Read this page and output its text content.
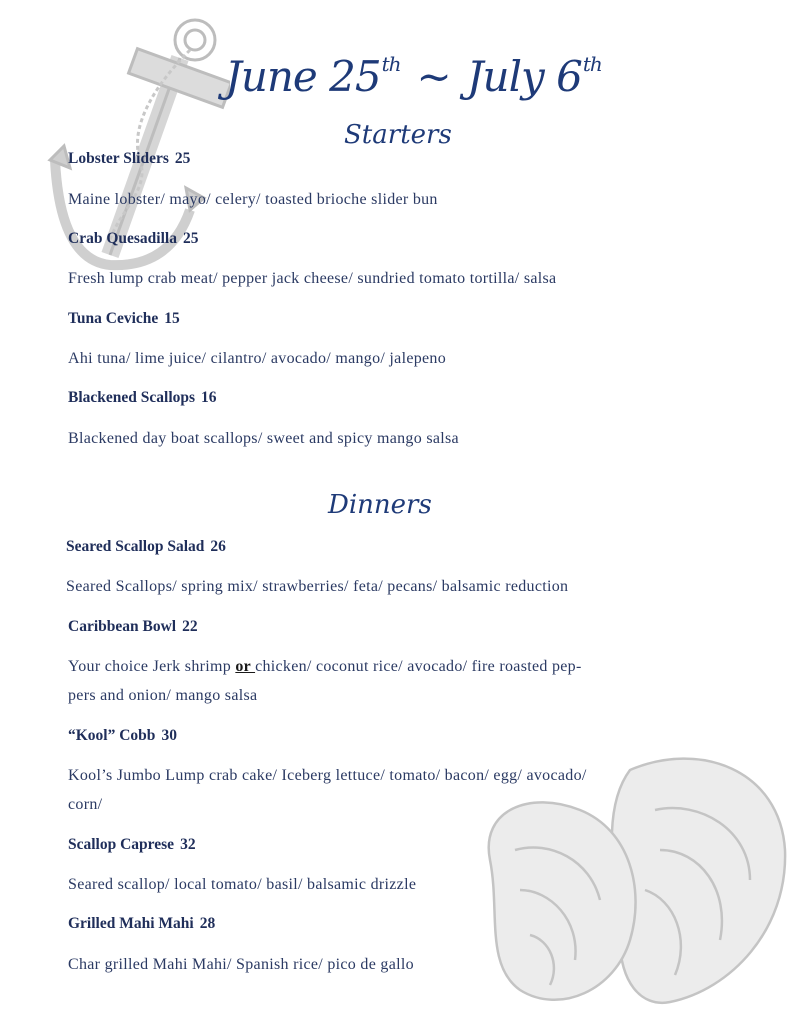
June 25th ~ July 6th
Starters
Lobster Sliders 25
Maine lobster/ mayo/ celery/ toasted brioche slider bun
Crab Quesadilla 25
Fresh lump crab meat/ pepper jack cheese/ sundried tomato tortilla/ salsa
Tuna Ceviche 15
Ahi tuna/ lime juice/ cilantro/ avocado/ mango/ jalepeno
Blackened Scallops 16
Blackened day boat scallops/ sweet and spicy mango salsa
Dinners
Seared Scallop Salad 26
Seared Scallops/ spring mix/ strawberries/ feta/ pecans/ balsamic reduction
Caribbean Bowl 22
Your choice Jerk shrimp or chicken/ coconut rice/ avocado/ fire roasted pep-
pers and onion/ mango salsa
“Kool” Cobb 30
Kool’s Jumbo Lump crab cake/ Iceberg lettuce/ tomato/ bacon/ egg/ avocado/
corn/
Scallop Caprese 32
Seared scallop/ local tomato/ basil/ balsamic drizzle
Grilled Mahi Mahi 28
Char grilled Mahi Mahi/ Spanish rice/ pico de gallo
